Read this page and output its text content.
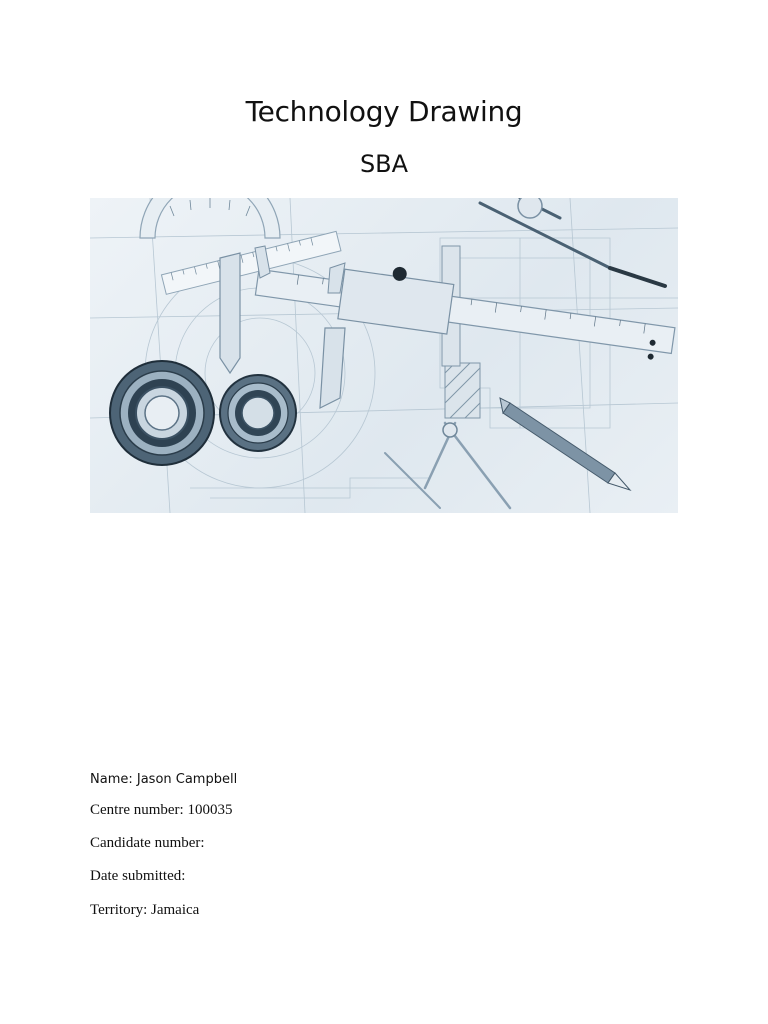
Technology Drawing
SBA
Name: Jason Campbell
Centre number: 100035
Candidate number:
Date submitted:
Territory: Jamaica
